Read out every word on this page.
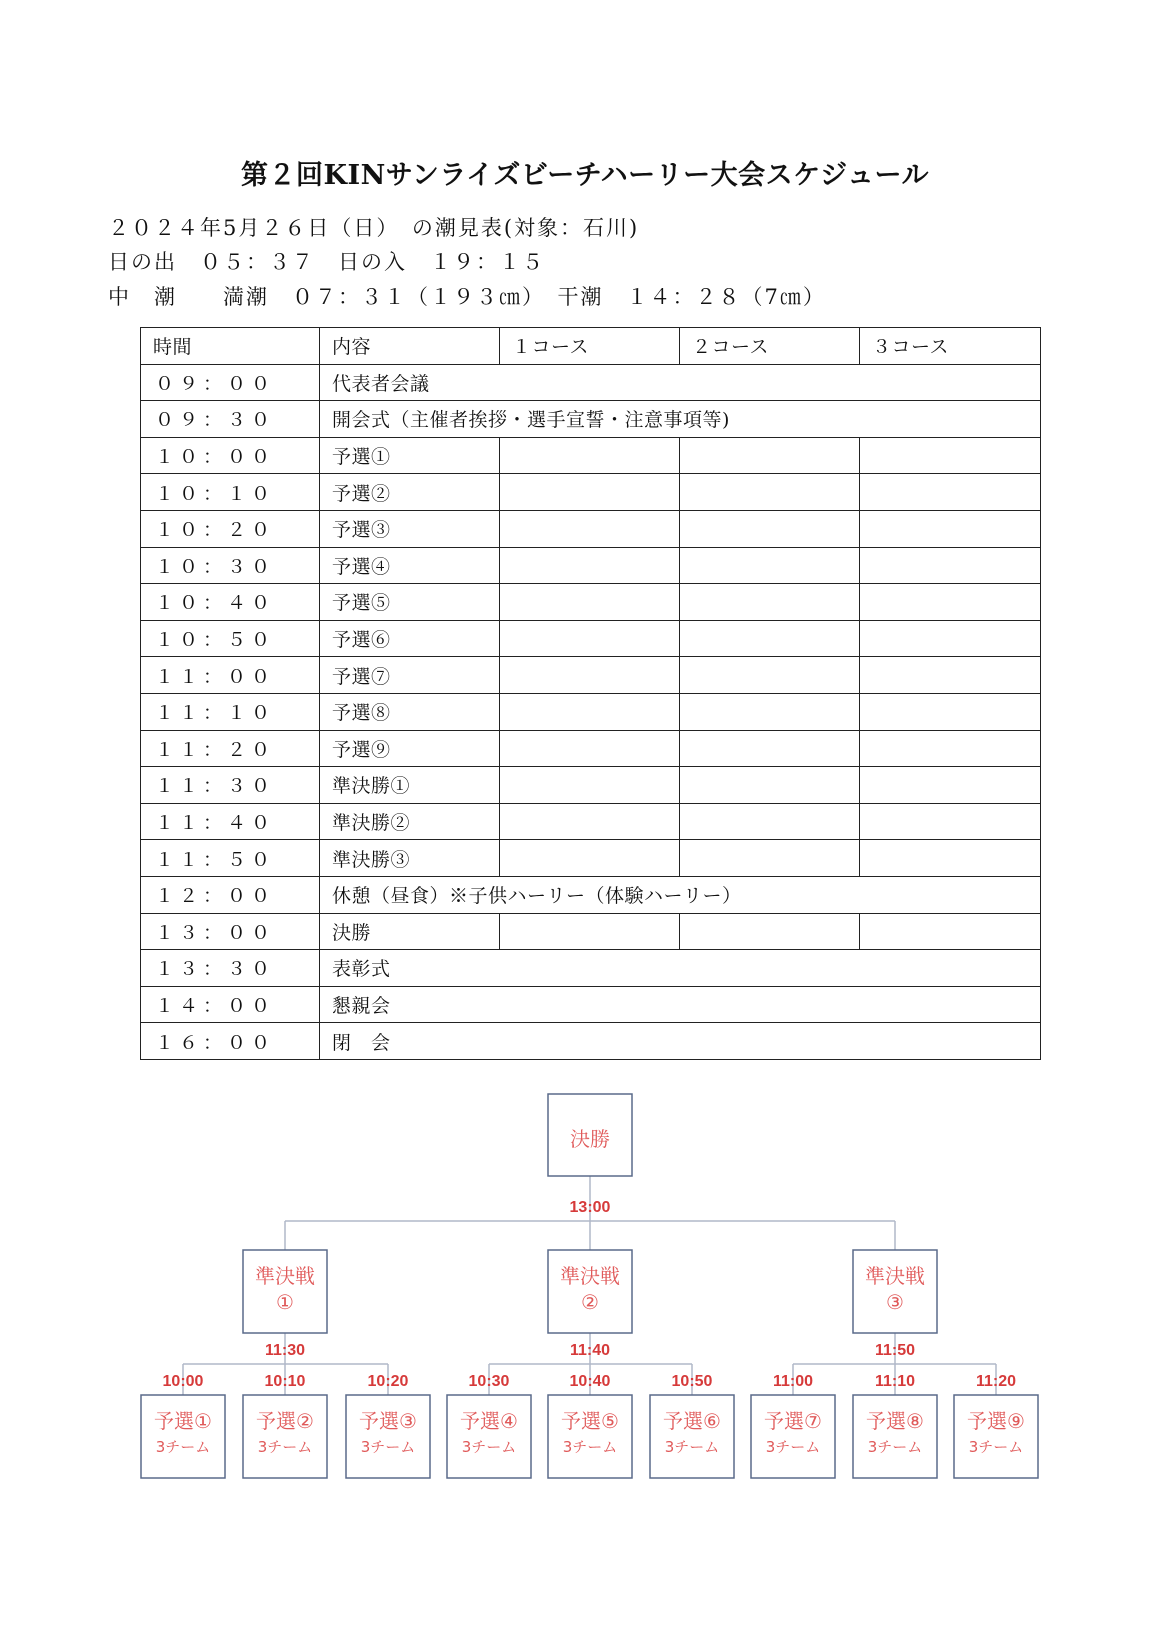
第２回KINサンライズビーチハーリー大会スケジュール
２０２４年5月２６日（日）　の潮見表(対象：石川)
日の出　０５：３７　日の入　１９：１５
中　潮　　満潮　０７：３１（１９３㎝）　干潮　１４：２８（7㎝）
時間	内容	１コース	２コース	３コース
０９：００	代表者会議			
０９：３０	開会式（主催者挨拶・選手宣誓・注意事項等)			
１０：００	予選①			
１０：１０	予選②			
１０：２０	予選③			
１０：３０	予選④			
１０：４０	予選⑤			
１０：５０	予選⑥			
１１：００	予選⑦			
１１：１０	予選⑧			
１１：２０	予選⑨			
１１：３０	準決勝①			
１１：４０	準決勝②			
１１：５０	準決勝③			
１２：００	休憩（昼食）※子供ハーリー（体験ハーリー）			
１３：００	決勝			
１３：３０	表彰式			
１４：００	懇親会			
１６：００	閉　会			
決勝
13:00
準決戦
①
11:30
準決戦
②
11:40
準決戦
③
11:50
予選①
3チーム
10:00
予選②
3チーム
10:10
予選③
3チーム
10:20
予選④
3チーム
10:30
予選⑤
3チーム
10:40
予選⑥
3チーム
10:50
予選⑦
3チーム
11:00
予選⑧
3チーム
11:10
予選⑨
3チーム
11:20
